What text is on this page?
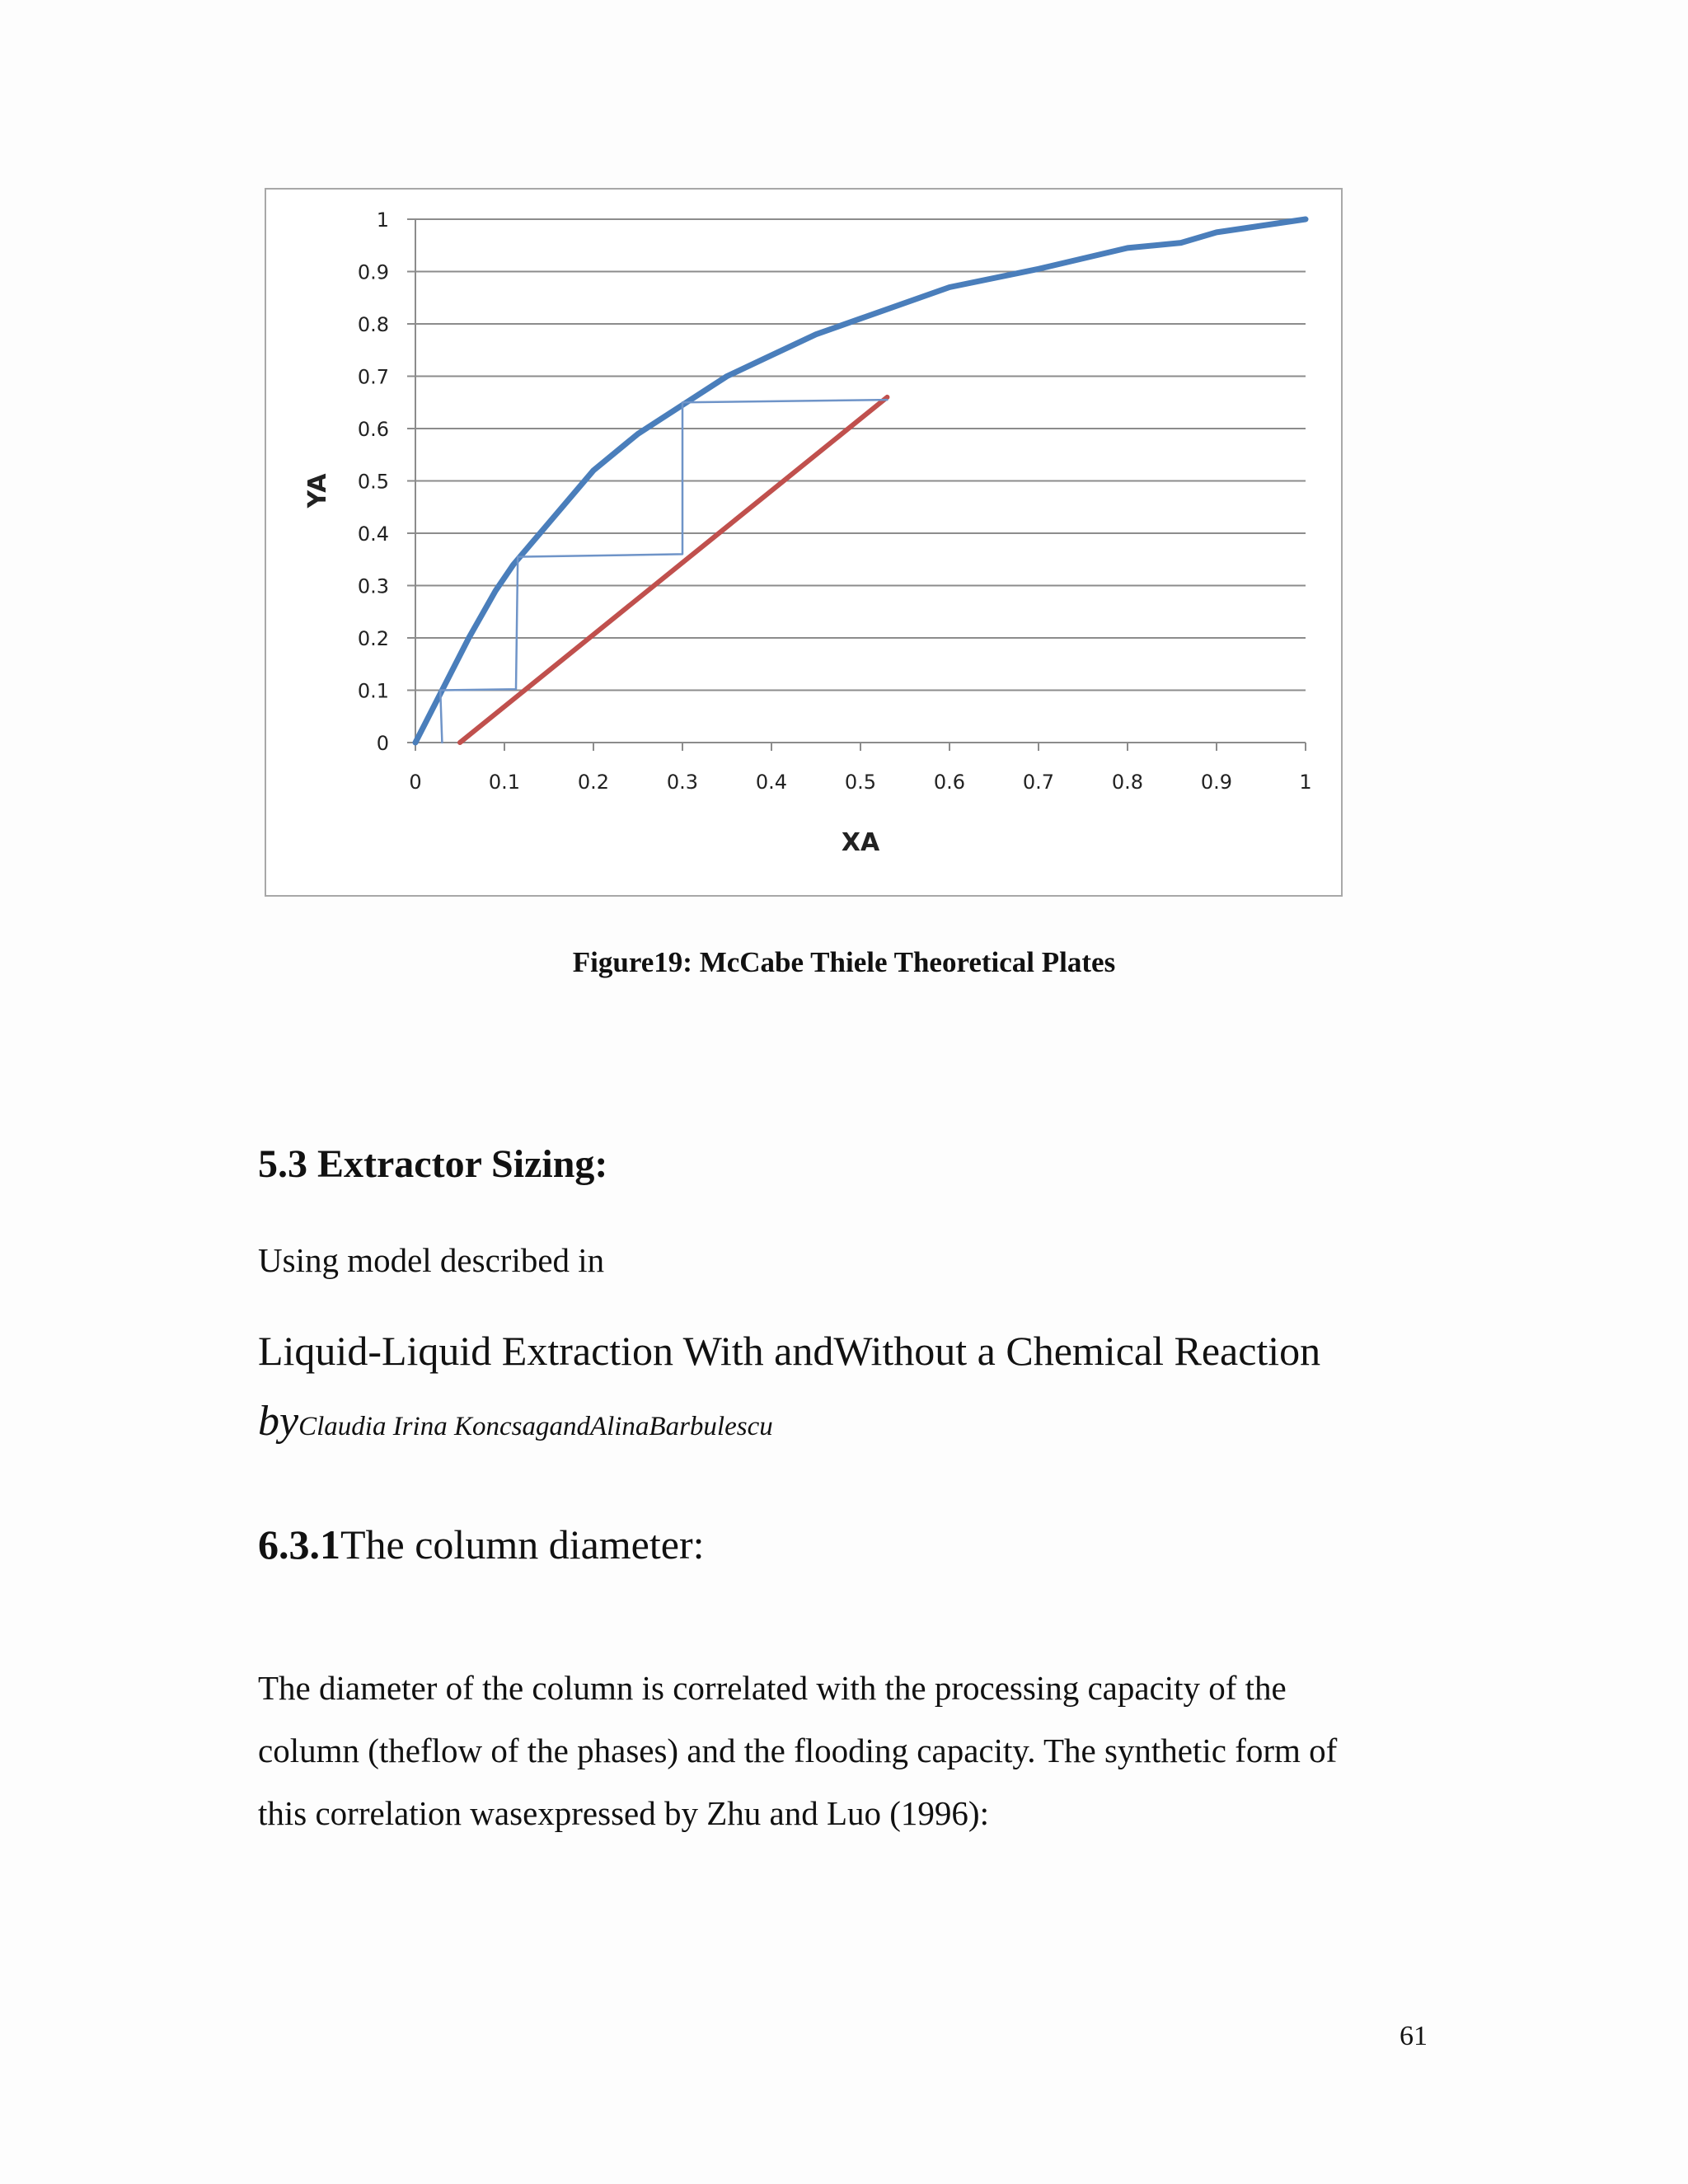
0
0.1
0.2
0.3
0.4
0.5
0.6
0.7
0.8
0.9
1
0	0.1	0.2	0.3	0.4	0.5	0.6	0.7	0.8	0.9	1
XA
YA
Figure19: McCabe Thiele Theoretical Plates
5.3 Extractor Sizing:
Using model described in
Liquid-Liquid Extraction With andWithout a Chemical Reaction
byClaudia Irina KoncsagandAlinaBarbulescu
6.3.1The column diameter:
The diameter of the column is correlated with the processing capacity of the
column (theflow of the phases) and the flooding capacity. The synthetic form of
this correlation wasexpressed by Zhu and Luo (1996):
61
